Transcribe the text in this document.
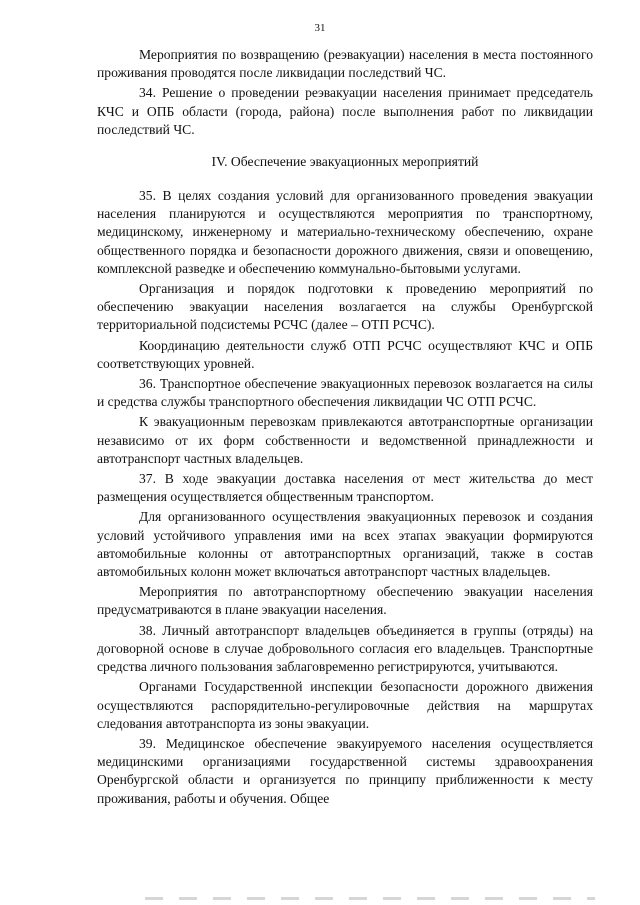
31

Мероприятия по возвращению (реэвакуации) населения в места постоянного проживания проводятся после ликвидации последствий ЧС.

34. Решение о проведении реэвакуации населения принимает председатель КЧС и ОПБ области (города, района) после выполнения работ по ликвидации последствий ЧС.

IV. Обеспечение эвакуационных мероприятий

35. В целях создания условий для организованного проведения эвакуации населения планируются и осуществляются мероприятия по транспортному, медицинскому, инженерному и материально-техническому обеспечению, охране общественного порядка и безопасности дорожного движения, связи и оповещению, комплексной разведке и обеспечению коммунально-бытовыми услугами.

Организация и порядок подготовки к проведению мероприятий по обеспечению эвакуации населения возлагается на службы Оренбургской территориальной подсистемы РСЧС (далее – ОТП РСЧС).

Координацию деятельности служб ОТП РСЧС осуществляют КЧС и ОПБ соответствующих уровней.

36. Транспортное обеспечение эвакуационных перевозок возлагается на силы и средства службы транспортного обеспечения ликвидации ЧС ОТП РСЧС.

К эвакуационным перевозкам привлекаются автотранспортные организации независимо от их форм собственности и ведомственной принадлежности и автотранспорт частных владельцев.

37. В ходе эвакуации доставка населения от мест жительства до мест размещения осуществляется общественным транспортом.

Для организованного осуществления эвакуационных перевозок и создания условий устойчивого управления ими на всех этапах эвакуации формируются автомобильные колонны от автотранспортных организаций, также в состав автомобильных колонн может включаться автотранспорт частных владельцев.

Мероприятия по автотранспортному обеспечению эвакуации населения предусматриваются в плане эвакуации населения.

38. Личный автотранспорт владельцев объединяется в группы (отряды) на договорной основе в случае добровольного согласия его владельцев. Транспортные средства личного пользования заблаговременно регистрируются, учитываются.

Органами Государственной инспекции безопасности дорожного движения осуществляются распорядительно-регулировочные действия на маршрутах следования автотранспорта из зоны эвакуации.

39. Медицинское обеспечение эвакуируемого населения осуществляется медицинскими организациями государственной системы здравоохранения Оренбургской области и организуется по принципу приближенности к месту проживания, работы и обучения. Общее
